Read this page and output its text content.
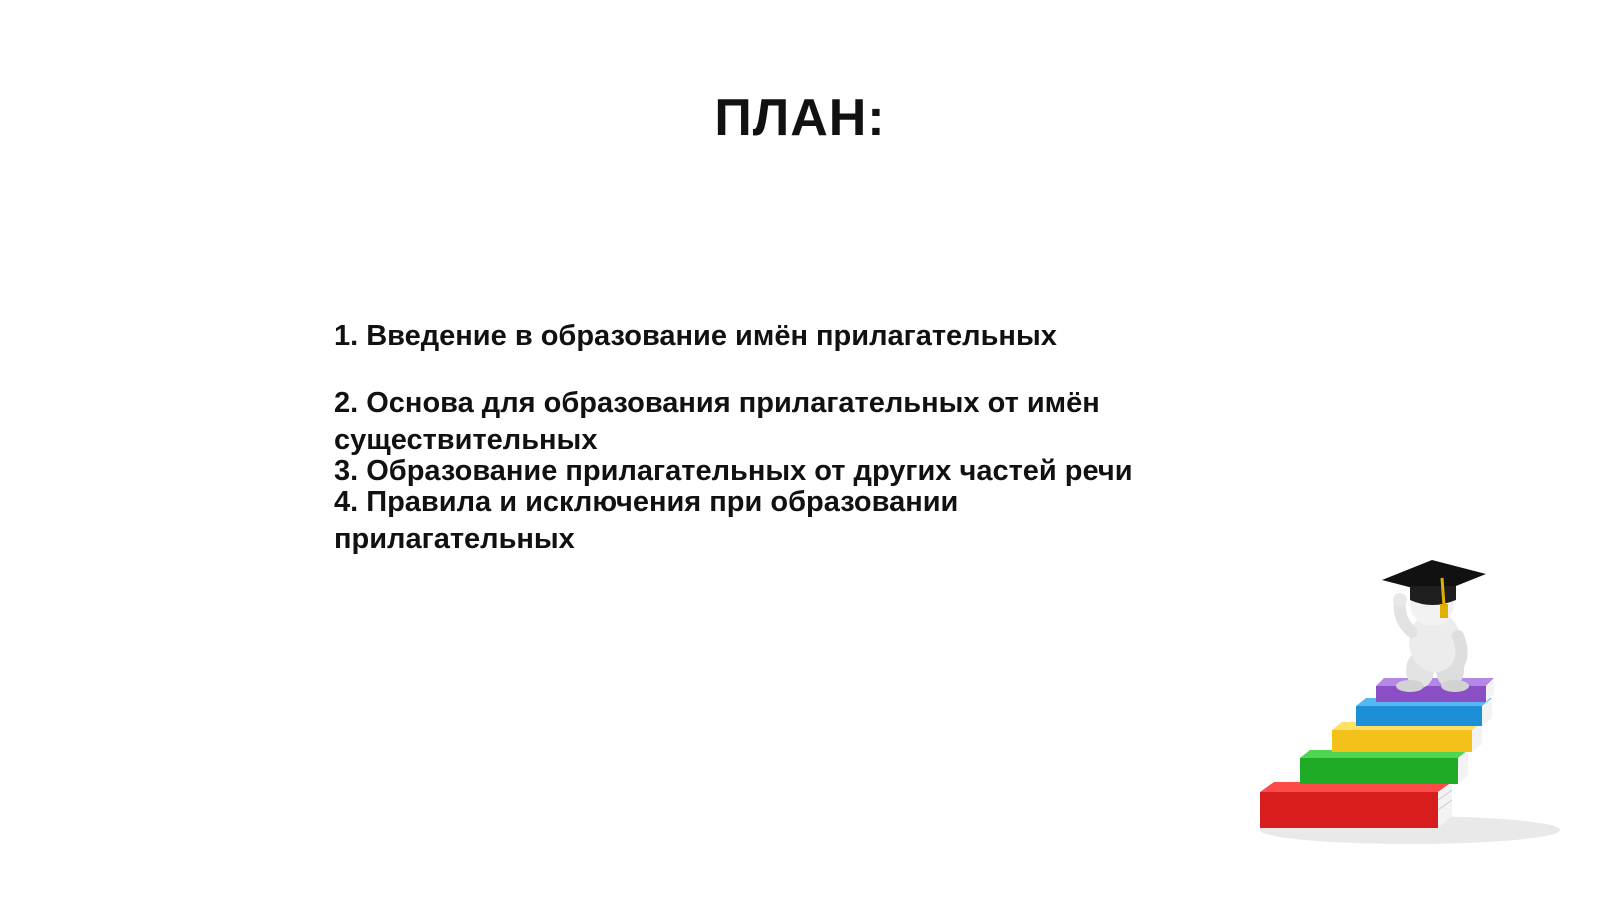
ПЛАН:
1. Введение в образование имён прилагательных
2. Основа для образования прилагательных от имён существительных
3. Образование прилагательных от других частей речи
4. Правила и исключения при образовании прилагательных
